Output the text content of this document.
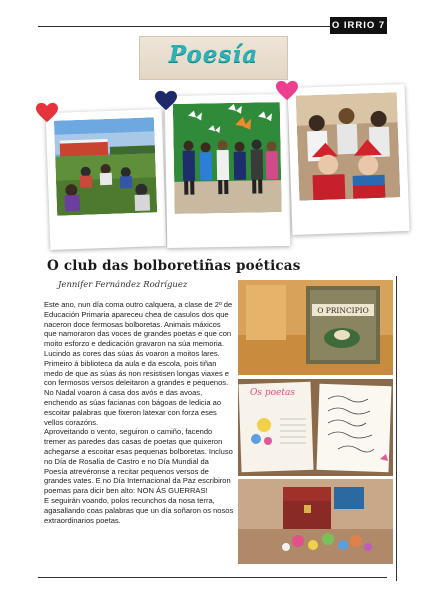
O IRRIO 7
Poesía
O club das bolboretiñas poéticas
Jennifer Fernández Rodríguez

Este ano, nun día coma outro calquera, a clase de 2º de Educación Primaria apareceu chea de casulos dos que naceron doce fermosas bolboretas. Animais máxicos que namoraron das voces de grandes poetas e que con moito esforzo e dedicación gravaron na súa memoria.

Lucindo as cores das súas ás voaron a moitos lares. Primeiro á biblioteca da aula e da escola, pois tiñan medo de que as súas ás non resistisen longas viaxes e con fermosos versos deleitaron a grandes e pequenos.

No Nadal voaron á casa dos avós e das avoas, enchendo as súas facianas con bágoas de ledicia ao escoitar palabras que fixeron latexar con forza eses vellos corazóns.

Aproveitando o vento, seguiron o camiño, facendo tremer as paredes das casas de poetas que quixeron achegarse a escoitar esas pequenas bolboretas. Incluso no Día de Rosalía de Castro e no Día Mundial da Poesía atrevéronse a recitar pequenos versos de grandes vates. E no Día Internacional da Paz escribiron poemas para dicir ben alto: NON ÁS GUERRAS!

E seguirán voando, polos recunchos da nosa terra, agasallando coas palabras que un día soñaron os nosos extraordinarios poetas.

O PRINCIPIO
Os poetas
